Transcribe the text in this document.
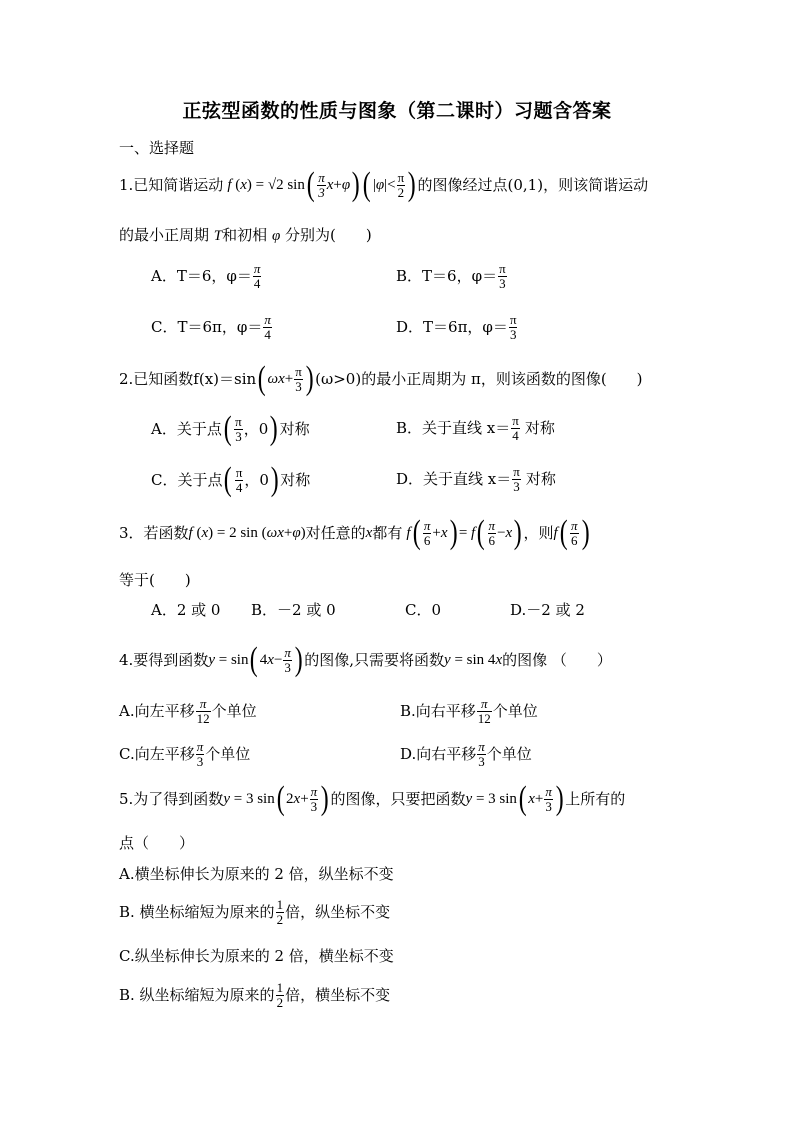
正弦型函数的性质与图象（第二课时）习题含答案
一、选择题
1.已知简谐运动 f (x) = √2 sin ( $\frac{\pi}{3}$ x + φ ) ( $|\varphi|< \frac{\pi}{2}$ ) 的图像经过点(0,1)，则该简谐运动
的最小正周期 T和初相 φ 分别为(　　)
A．T＝6，$\varphi= \frac{\pi}{4}$	B．T＝6，$\varphi= \frac{\pi}{3}$
C．T＝6π，$\varphi= \frac{\pi}{4}$	D．T＝6π，$\varphi= \frac{\pi}{3}$
2.已知函数f(x)＝sin ( $\omega x + \frac{\pi}{3}$ ) (ω>0)的最小正周期为 π，则该函数的图像(　　)
A．关于点 ( $\frac{\pi}{3}$ ，0 ) 对称	B．关于直线 $x= \frac{\pi}{4}$ 对称
C．关于点 ( $\frac{\pi}{4}$ ，0 ) 对称	D．关于直线 $x= \frac{\pi}{3}$ 对称
3．若函数 f (x) = 2 sin (ωx+φ) 对任意的 x 都有 f ( $\frac{\pi}{6} +x$ ) = f ( $\frac{\pi}{6} -x$ ) ，则 f ( $\frac{\pi}{6}$ )
等于(　　)
A．2 或 0 B．－2 或 0	C．0	D.－2 或 2
4.要得到函数 y = sin ( $4x- \frac{\pi}{3}$ ) 的图像,只需要将函数 y = sin 4x 的图像 （　　）
A.向左平移 $\frac{\pi}{12}$ 个单位	B.向右平移 $\frac{\pi}{12}$ 个单位
C.向左平移 $\frac{\pi}{3}$ 个单位	D.向右平移 $\frac{\pi}{3}$ 个单位
5.为了得到函数 y = 3 sin ( $2x+ \frac{\pi}{3}$ ) 的图像，只要把函数 y = 3 sin ( $x + \frac{\pi}{3}$ ) 上所有的
点（　　）
A.横坐标伸长为原来的 2 倍，纵坐标不变
B. 横坐标缩短为原来的 $\frac{1}{2}$ 倍，纵坐标不变
C.纵坐标伸长为原来的 2 倍，横坐标不变
B. 纵坐标缩短为原来的 $\frac{1}{2}$ 倍，横坐标不变
